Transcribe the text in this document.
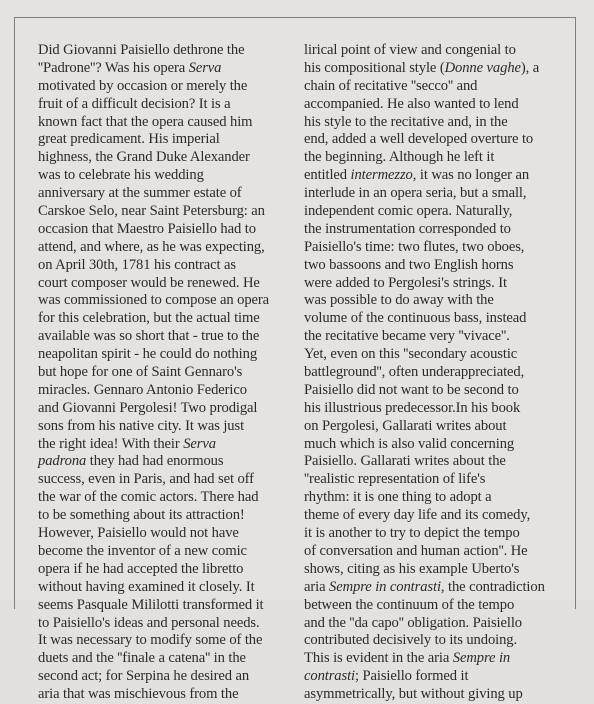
Did Giovanni Paisiello dethrone the
''Padrone''? Was his opera Serva
motivated by occasion or merely the
fruit of a difficult decision? It is a
known fact that the opera caused him
great predicament. His imperial
highness, the Grand Duke Alexander
was to celebrate his wedding
anniversary at the summer estate of
Carskoe Selo, near Saint Petersburg: an
occasion that Maestro Paisiello had to
attend, and where, as he was expecting,
on April 30th, 1781 his contract as
court composer would be renewed. He
was commissioned to compose an opera
for this celebration, but the actual time
available was so short that - true to the
neapolitan spirit - he could do nothing
but hope for one of Saint Gennaro's
miracles. Gennaro Antonio Federico
and Giovanni Pergolesi! Two prodigal
sons from his native city. It was just
the right idea! With their Serva
padrona they had had enormous
success, even in Paris, and had set off
the war of the comic actors. There had
to be something about its attraction!
However, Paisiello would not have
become the inventor of a new comic
opera if he had accepted the libretto
without having examined it closely. It
seems Pasquale Mililotti transformed it
to Paisiello's ideas and personal needs.
It was necessary to modify some of the
duets and the ''finale a catena'' in the
second act; for Serpina he desired an
aria that was mischievous from the
lirical point of view and congenial to
his compositional style (Donne vaghe), a
chain of recitative ''secco'' and
accompanied. He also wanted to lend
his style to the recitative and, in the
end, added a well developed overture to
the beginning. Although he left it
entitled intermezzo, it was no longer an
interlude in an opera seria, but a small,
independent comic opera. Naturally,
the instrumentation corresponded to
Paisiello's time: two flutes, two oboes,
two bassoons and two English horns
were added to Pergolesi's strings. It
was possible to do away with the
volume of the continuous bass, instead
the recitative became very ''vivace''.
Yet, even on this ''secondary acoustic
battleground'', often underappreciated,
Paisiello did not want to be second to
his illustrious predecessor.In his book
on Pergolesi, Gallarati writes about
much which is also valid concerning
Paisiello. Gallarati writes about the
''realistic representation of life's
rhythm: it is one thing to adopt a
theme of every day life and its comedy,
it is another to try to depict the tempo
of conversation and human action''. He
shows, citing as his example Uberto's
aria Sempre in contrasti, the contradiction
between the continuum of the tempo
and the ''da capo'' obligation. Paisiello
contributed decisively to its undoing.
This is evident in the aria Sempre in
contrasti; Paisiello formed it
asymmetrically, but without giving up
